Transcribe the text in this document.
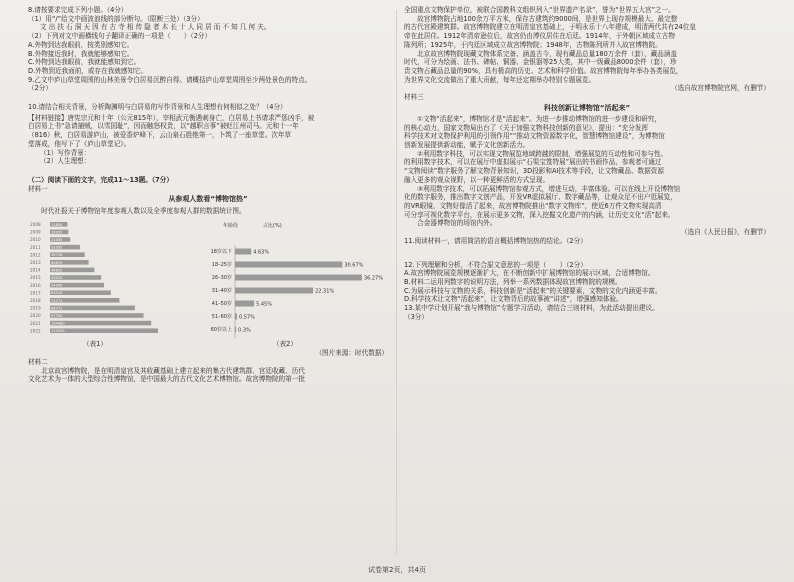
8.请按要求完成下列小题。（4分）
（1）用“/”给文中画波浪线的部分断句。（限断三处）（3分）
文 出 扶 石 洞 天 因 有 古 寺 相 传 隐 者 木 长 十 人 同 居 而 不 知 几 何 夫。
（2）下列对文中画横线句子翻译正确的一项是（　　）（2分）
A.外物到达我眼前，按类别感知它。
B.外物接近我时，我就能够感知它。
C.外物到达我眼前，我就能感知到它。
D.外物到近我面前，或存在我就感知它。
9.乙文中庐山草堂周围的山林美景令白居易沉醉自得。请概括庐山草堂周围至少两处景色的特点。
（2分）
10.请结合相关背景，分析陶渊明与白居易的写作背景和人生理想有何相似之处？（4分）
【材料链接】唐宪宗元和十年（公元815年），宰相武元衡遇刺身亡，白居易上书请求严惩凶手，被
白居易上书“急请捕贼，以雪国耻”，因而触怒权贵，以“越职言事”被贬江州司马。元和十一年
（816）秋，白居易游庐山，被爱香炉峰下，云山泉石胜绝第一，卜筑了一座草堂。次年草
堂落成，他写下了《庐山草堂记》。
（1）写作背景：
（2）人生理想：
（二）阅读下面的文字，完成11～13题。（7分）
材料一
从参观人数看“博物馆热”
　　时代社报关于博物馆年度参观人数以及全季度参观人群的数据统计图。
2008	11855
2009	18955
2010	21005
2011	31035
2012	36716
2013	40670
2014	46830
2015	53025
2016	54040
2017	63210
2018	71771
2019	88771
2020	97700
2021	104480
2022	112055
年龄段	占比(%)
18岁以下	4.63%
18–25岁	30.67%
26–30岁	36.27%
31–40岁	22.31%
41–50岁	5.45%
51–60岁 0.57%
60岁以上 0.3%
（表1）	（表2）
（图片来源：时代数据）
材料二
　　北京故宫博物院，是在明清皇宫及其收藏基础上建立起来的集古代建筑群、宫廷收藏、历代
文化艺术为一体的大型综合性博物馆，是中国最大的古代文化艺术博物馆。故宫博物院的第一批
全国重点文物保护单位，被联合国教科文组织列入“世界遗产名录”，誉为“世界五大宫”之一。
　　故宫博物院占地100余万平方米，保存古建筑约9000间，是世界上现存规模最大、最完整
的古代宫殿建筑群。故宫博物院建立在明清皇宫基础上，于明永乐十八年建成，明清两代共有24位皇
帝在此居住。1912年清帝逊位后，故宫仍由溥仪居住在后廷。1914年，于外朝区域成立古物
陈列所；1925年，于内廷区域成立故宫博物院；1948年，古物陈列所并入故宫博物院。
　　北京故宫博物院现藏文物体系完备、涵盖古今，现有藏品总量180万余件（套），藏品涵盖
时代，可分为绘画、法书、碑帖、铜器、金银器等25大类，其中一级藏品8000余件（套），珍
贵文物占藏品总量的90%，具有极高的历史、艺术和科学价值。故宫博物院每年举办各类展览，
为世界文化交流做出了重大贡献，每年还定期举办特别专题展览。
（选自故宫博物院官网，有删节）
材料三
科技创新让博物馆“活起来”
　　①文物“活起来”，博物馆才是“活起来”。为进一步推动博物馆的进一步建设和研究，
的核心动力，国家文物局出台了《关于加强文物科技创新的意见》，提出：“充分发挥
科学技术对文物保护利用的引领作用”“推动文物资源数字化，智慧博物馆建设”，为博物馆
创新发展提供新动能，赋予文化创新活力。
　　②利用数字科技，可以实现文物展览地域跨越的限制，增强展览的互动性和可参与性。
的利用数字技术，可以在展厅中虚拟展示“石渠宝笈特展”展出的书画作品，参观者可通过
“文物阅读”数字服务了解文物背景知识，3D投影和AI技术等手段，让文物藏品、数据资源
融入更多的观众视野，以一种更鲜活的方式呈现。
　　③利用数字技术，可以拓展博物馆参观方式，增进互动，丰富体验。可以在线上开设博物馆
化的数字服务，推出数字文创产品，开发VR虚拟展厅、数字藏品等，让观众足不出户逛展览，
的VR眼镜，文物好像活了起来，故宫博物院推出“数字文物库”，使近6万件文物实现高清
可分享可视化数字平台，在展示更多文物，深入挖掘文化遗产的内涵，让历史文化“活”起来。
　　合金器博物馆的场馆内外。
（选自《人民日报》，有删节）
11.阅读材料一，请用简洁的语言概括博物馆热的结论。（2分）
12.下列理解和分析，不符合原文意思的一项是（　　）（2分）
A.故宫博物院展览规模逐渐扩大，在不断创新中扩展博物馆的展示区域，合适博物馆。
B.材料二运用列数字的说明方法，列举一系列数据体现故宫博物院的规模。
C.为展示科技与文物的关系，科技创新是“活起来”的关键要素，文物的文化内涵更丰富。
D.科学技术让文物“活起来”，让文物背后的故事被“讲述”，增强感知体验。
13.某中学计划开展“我与博物馆”专题学习活动，请结合三则材料，为此活动提出建议。
（3分）
试卷第2页，共4页
